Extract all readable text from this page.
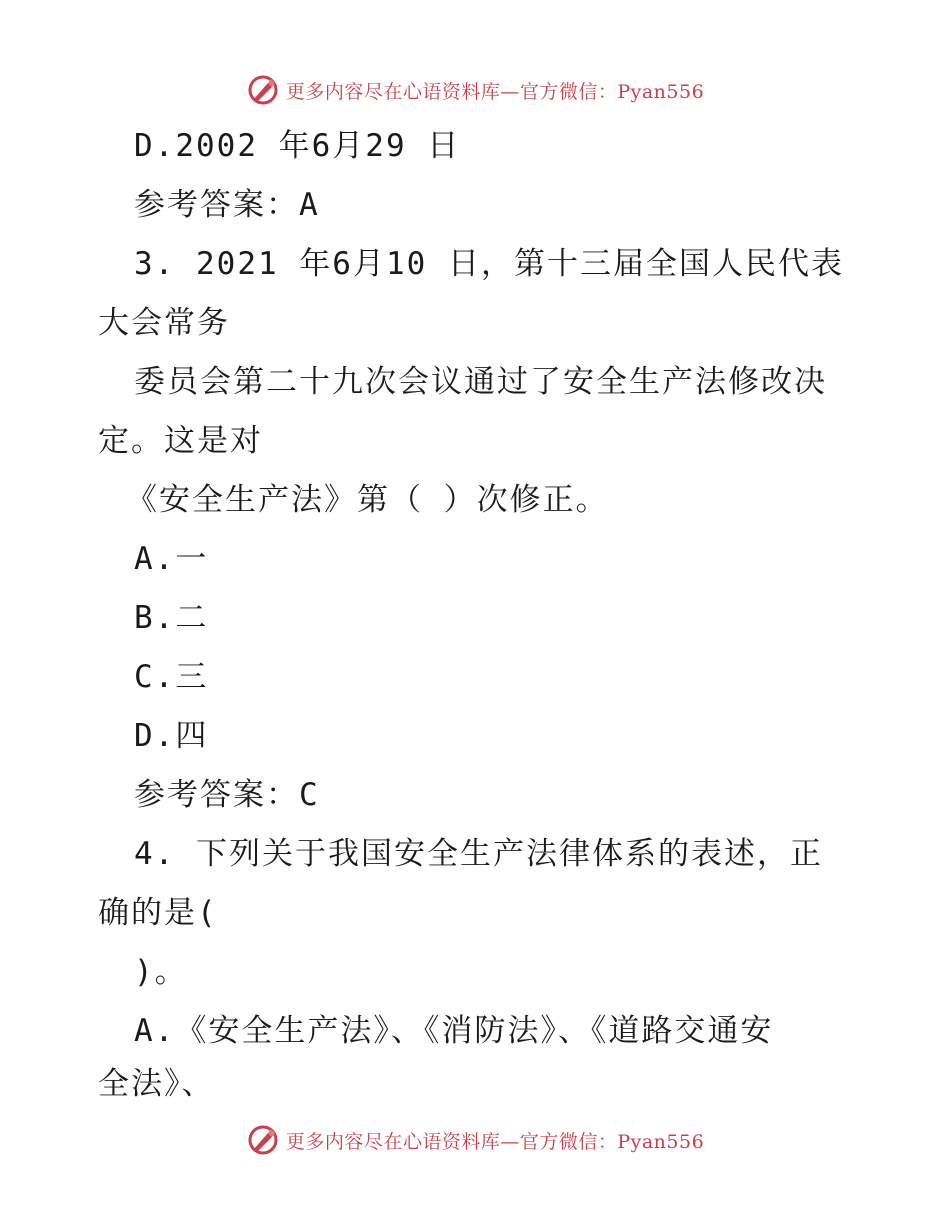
更多内容尽在心语资料库—官方微信：Pyan556
D.2002 年6月29 日
参考答案：A
3. 2021 年6月10 日，第十三届全国人民代表
大会常务
委员会第二十九次会议通过了安全生产法修改决
定。这是对
《安全生产法》第（ ）次修正。
A.一
B.二
C.三
D.四
参考答案：C
4. 下列关于我国安全生产法律体系的表述，正
确的是(
)。
A.《安全生产法》、《消防法》、《道路交通安
全法》、
更多内容尽在心语资料库—官方微信：Pyan556
